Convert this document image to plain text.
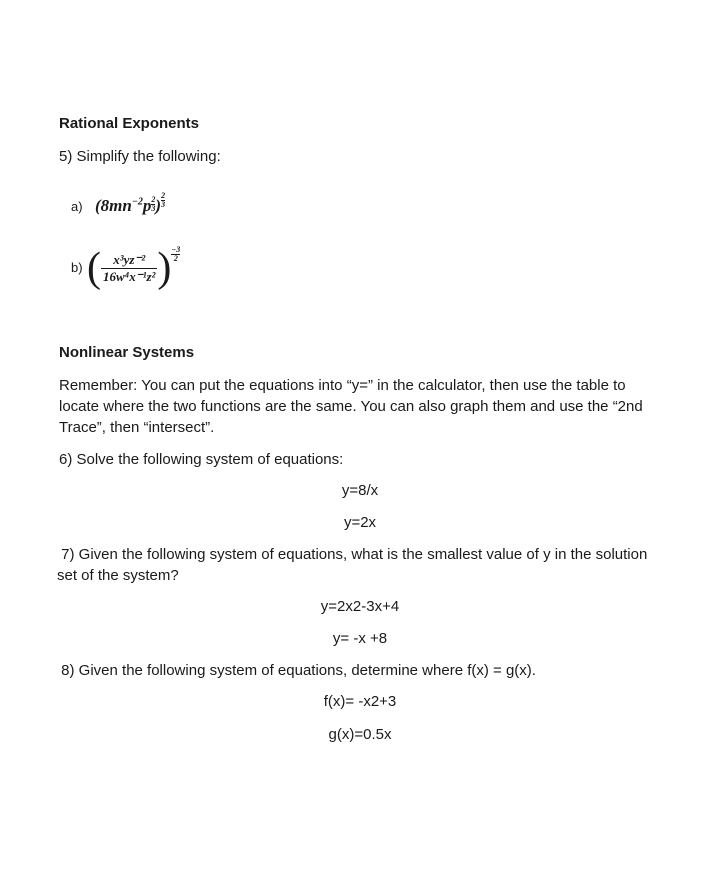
Rational Exponents
5) Simplify the following:
a) $(8mn^{-2}p \frac{2}{3}) \frac{2}{3}$
b) ( $\frac{\text{x³yz⁻²}}{\text{16w⁴x⁻¹z²}}$ ) $\frac{-3}{2}$
Nonlinear Systems
Remember: You can put the equations into “y=” in the calculator, then use the table to locate where the two functions are the same. You can also graph them and use the “2nd Trace”, then “intersect”.
6) Solve the following system of equations:
y=8/x
y=2x
7) Given the following system of equations, what is the smallest value of y in the solution set of the system?
y=2x2-3x+4
y= -x +8
8) Given the following system of equations, determine where f(x) = g(x).
f(x)= -x2+3
g(x)=0.5x
